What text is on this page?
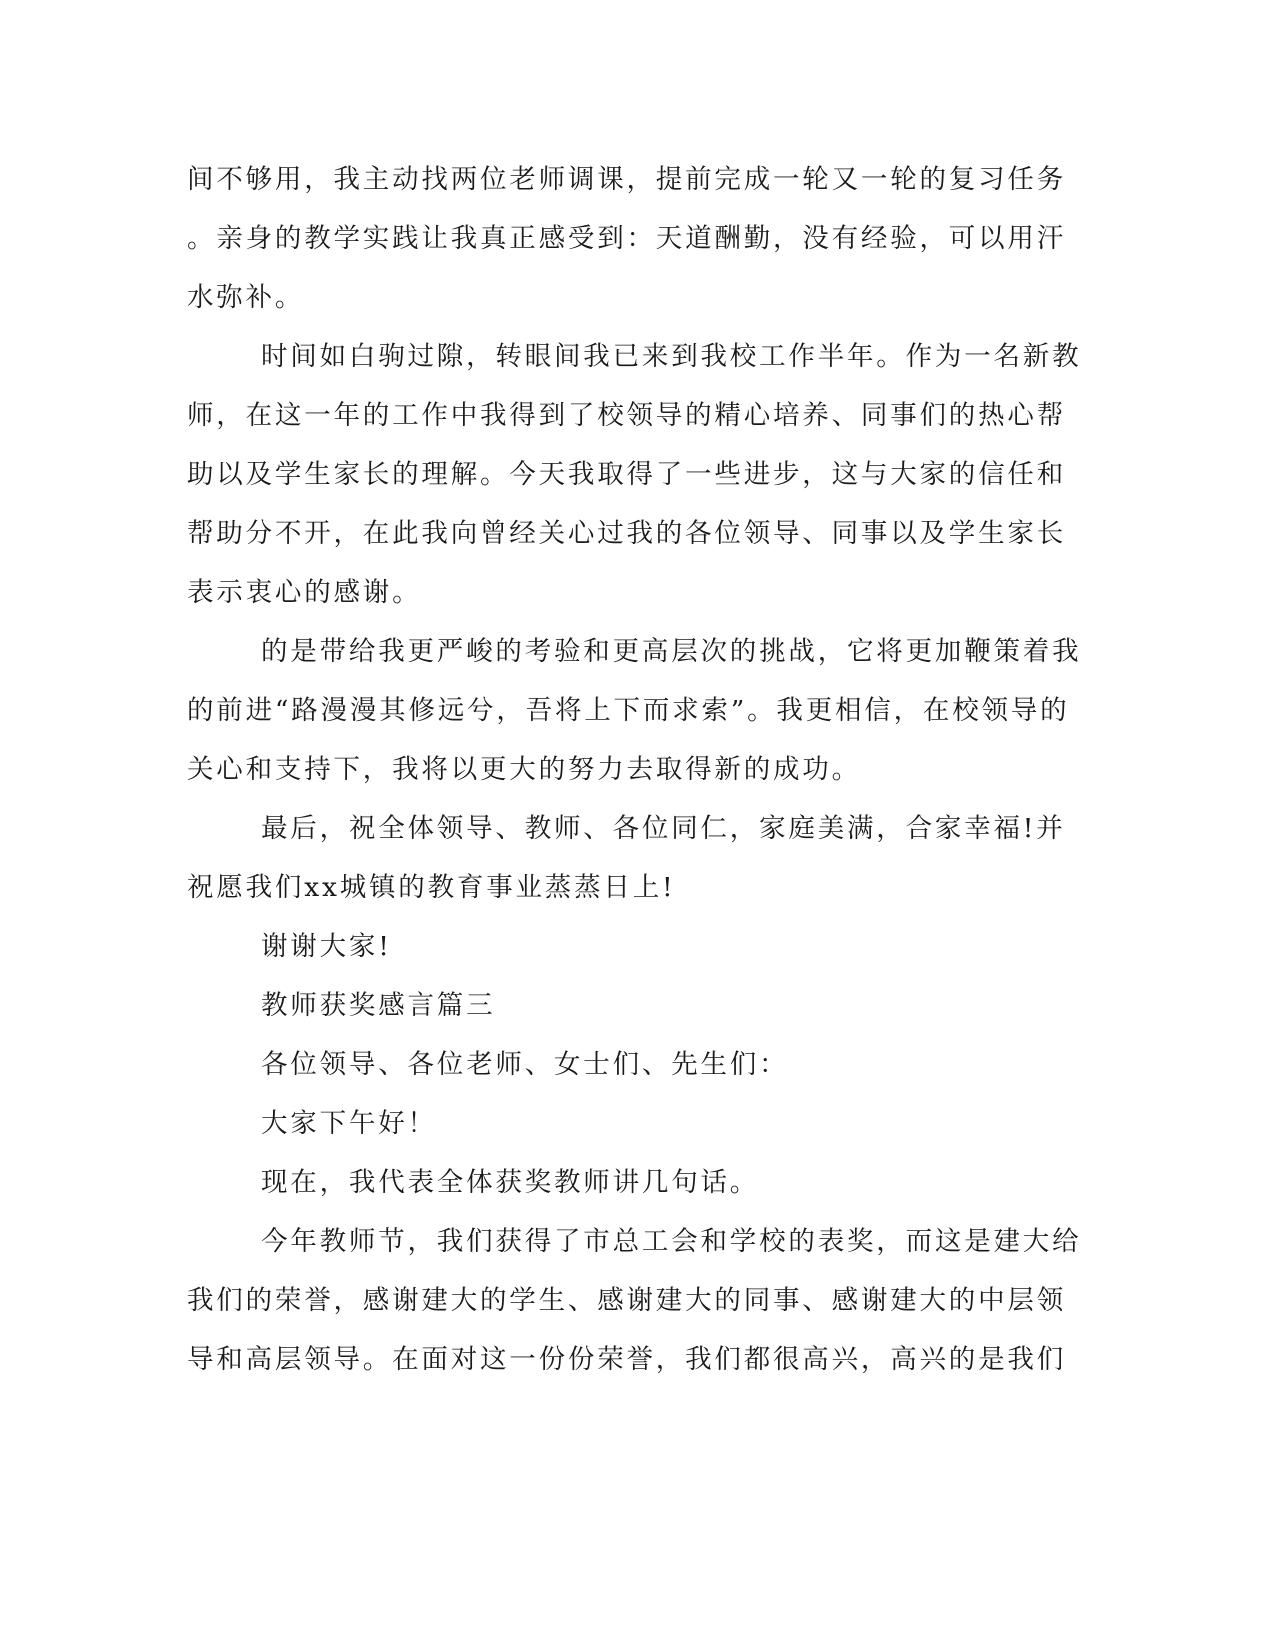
间不够用，我主动找两位老师调课，提前完成一轮又一轮的复习任务
。亲身的教学实践让我真正感受到：天道酬勤，没有经验，可以用汗
水弥补。
时间如白驹过隙，转眼间我已来到我校工作半年。作为一名新教
师，在这一年的工作中我得到了校领导的精心培养、同事们的热心帮
助以及学生家长的理解。今天我取得了一些进步，这与大家的信任和
帮助分不开，在此我向曾经关心过我的各位领导、同事以及学生家长
表示衷心的感谢。
的是带给我更严峻的考验和更高层次的挑战，它将更加鞭策着我
的前进“路漫漫其修远兮，吾将上下而求索”。我更相信，在校领导的
关心和支持下，我将以更大的努力去取得新的成功。
最后，祝全体领导、教师、各位同仁，家庭美满，合家幸福!并
祝愿我们xx城镇的教育事业蒸蒸日上!
谢谢大家!
教师获奖感言篇三
各位领导、各位老师、女士们、先生们：
大家下午好！
现在，我代表全体获奖教师讲几句话。
今年教师节，我们获得了市总工会和学校的表奖，而这是建大给
我们的荣誉，感谢建大的学生、感谢建大的同事、感谢建大的中层领
导和高层领导。在面对这一份份荣誉，我们都很高兴，高兴的是我们
